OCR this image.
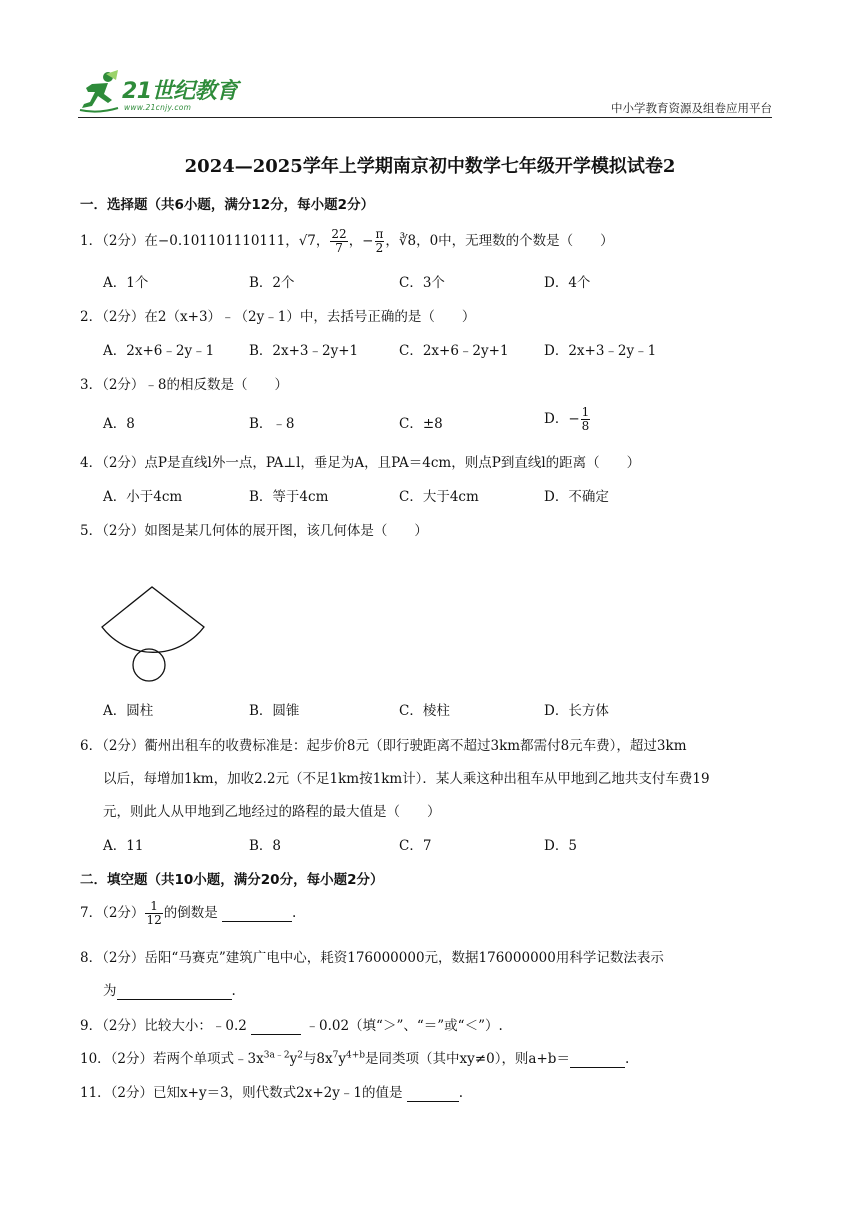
21世纪教育
www.21cnjy.com	中小学教育资源及组卷应用平台
2024—2025学年上学期南京初中数学七年级开学模拟试卷2
一．选择题（共6小题，满分12分，每小题2分）
1．（2分）在−0.101101110111，√7， $\frac{22}{7}$ ，− $\frac{\pi}{2}$ ，∛8，0中，无理数的个数是（　　）
A．1个	B．2个	C．3个	D．4个
2．（2分）在2（x+3）﹣（2y﹣1）中，去括号正确的是（　　）
A．2x+6﹣2y﹣1	B．2x+3﹣2y+1	C．2x+6﹣2y+1	D．2x+3﹣2y﹣1
3．（2分）﹣8的相反数是（　　）
A．8	B．﹣8	C．±8	D．− $\frac{1}{8}$
4．（2分）点P是直线l外一点，PA⊥l，垂足为A，且PA＝4cm，则点P到直线l的距离（　　）
A．小于4cm	B．等于4cm	C．大于4cm	D．不确定
5．（2分）如图是某几何体的展开图，该几何体是（　　）
A．圆柱	B．圆锥	C．棱柱	D．长方体
6．（2分）衢州出租车的收费标准是：起步价8元（即行驶距离不超过3km都需付8元车费），超过3km
以后，每增加1km，加收2.2元（不足1km按1km计）．某人乘这种出租车从甲地到乙地共支付车费19
元，则此人从甲地到乙地经过的路程的最大值是（　　）
A．11	B．8	C．7	D．5
二．填空题（共10小题，满分20分，每小题2分）
7．（2分） $\frac{1}{12}$ 的倒数是	.
8．（2分）岳阳“马赛克”建筑广电中心，耗资176000000元，数据176000000用科学记数法表示
为	.
9．（2分）比较大小：﹣0.2	﹣0.02（填“＞”、“＝”或“＜”）.
10．（2分）若两个单项式$﹣3x^{3a﹣2}y^2$与$8x^7y^{4+b}$是同类项（其中xy≠0），则a+b＝	.
11．（2分）已知x+y＝3，则代数式2x+2y﹣1的值是	.
